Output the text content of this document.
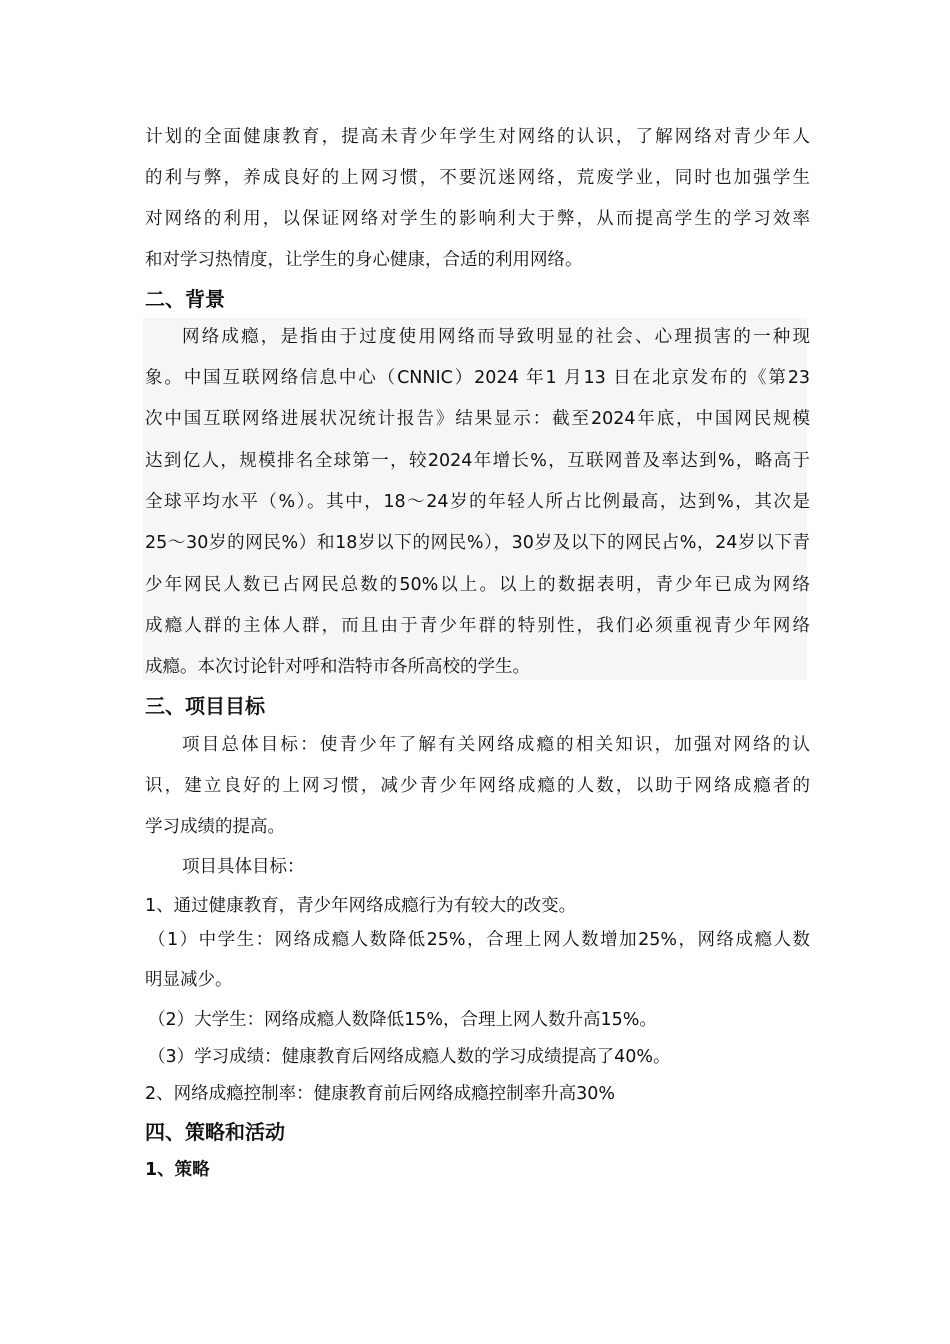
计划的全面健康教育，提高未青少年学生对网络的认识，了解网络对青少年人
的利与弊，养成良好的上网习惯，不要沉迷网络，荒废学业，同时也加强学生
对网络的利用，以保证网络对学生的影响利大于弊，从而提高学生的学习效率
和对学习热情度，让学生的身心健康，合适的利用网络。
二、背景
网络成瘾，是指由于过度使用网络而导致明显的社会、心理损害的一种现
象。中国互联网络信息中心（CNNIC）2024 年1 月13 日在北京发布的《第23
次中国互联网络进展状况统计报告》结果显示：截至2024年底，中国网民规模
达到亿人，规模排名全球第一，较2024年增长%，互联网普及率达到%，略高于
全球平均水平（%）。其中，18～24岁的年轻人所占比例最高，达到%，其次是
25～30岁的网民%）和18岁以下的网民%），30岁及以下的网民占%，24岁以下青
少年网民人数已占网民总数的50%以上。以上的数据表明，青少年已成为网络
成瘾人群的主体人群，而且由于青少年群的特别性，我们必须重视青少年网络
成瘾。本次讨论针对呼和浩特市各所高校的学生。
三、项目目标
项目总体目标：使青少年了解有关网络成瘾的相关知识，加强对网络的认
识，建立良好的上网习惯，减少青少年网络成瘾的人数，以助于网络成瘾者的
学习成绩的提高。
项目具体目标：
1、通过健康教育，青少年网络成瘾行为有较大的改变。
（1）中学生：网络成瘾人数降低25%，合理上网人数增加25%，网络成瘾人数
明显减少。
（2）大学生：网络成瘾人数降低15%，合理上网人数升高15%。
（3）学习成绩：健康教育后网络成瘾人数的学习成绩提高了40%。
2、网络成瘾控制率：健康教育前后网络成瘾控制率升高30%
四、策略和活动
1、策略
